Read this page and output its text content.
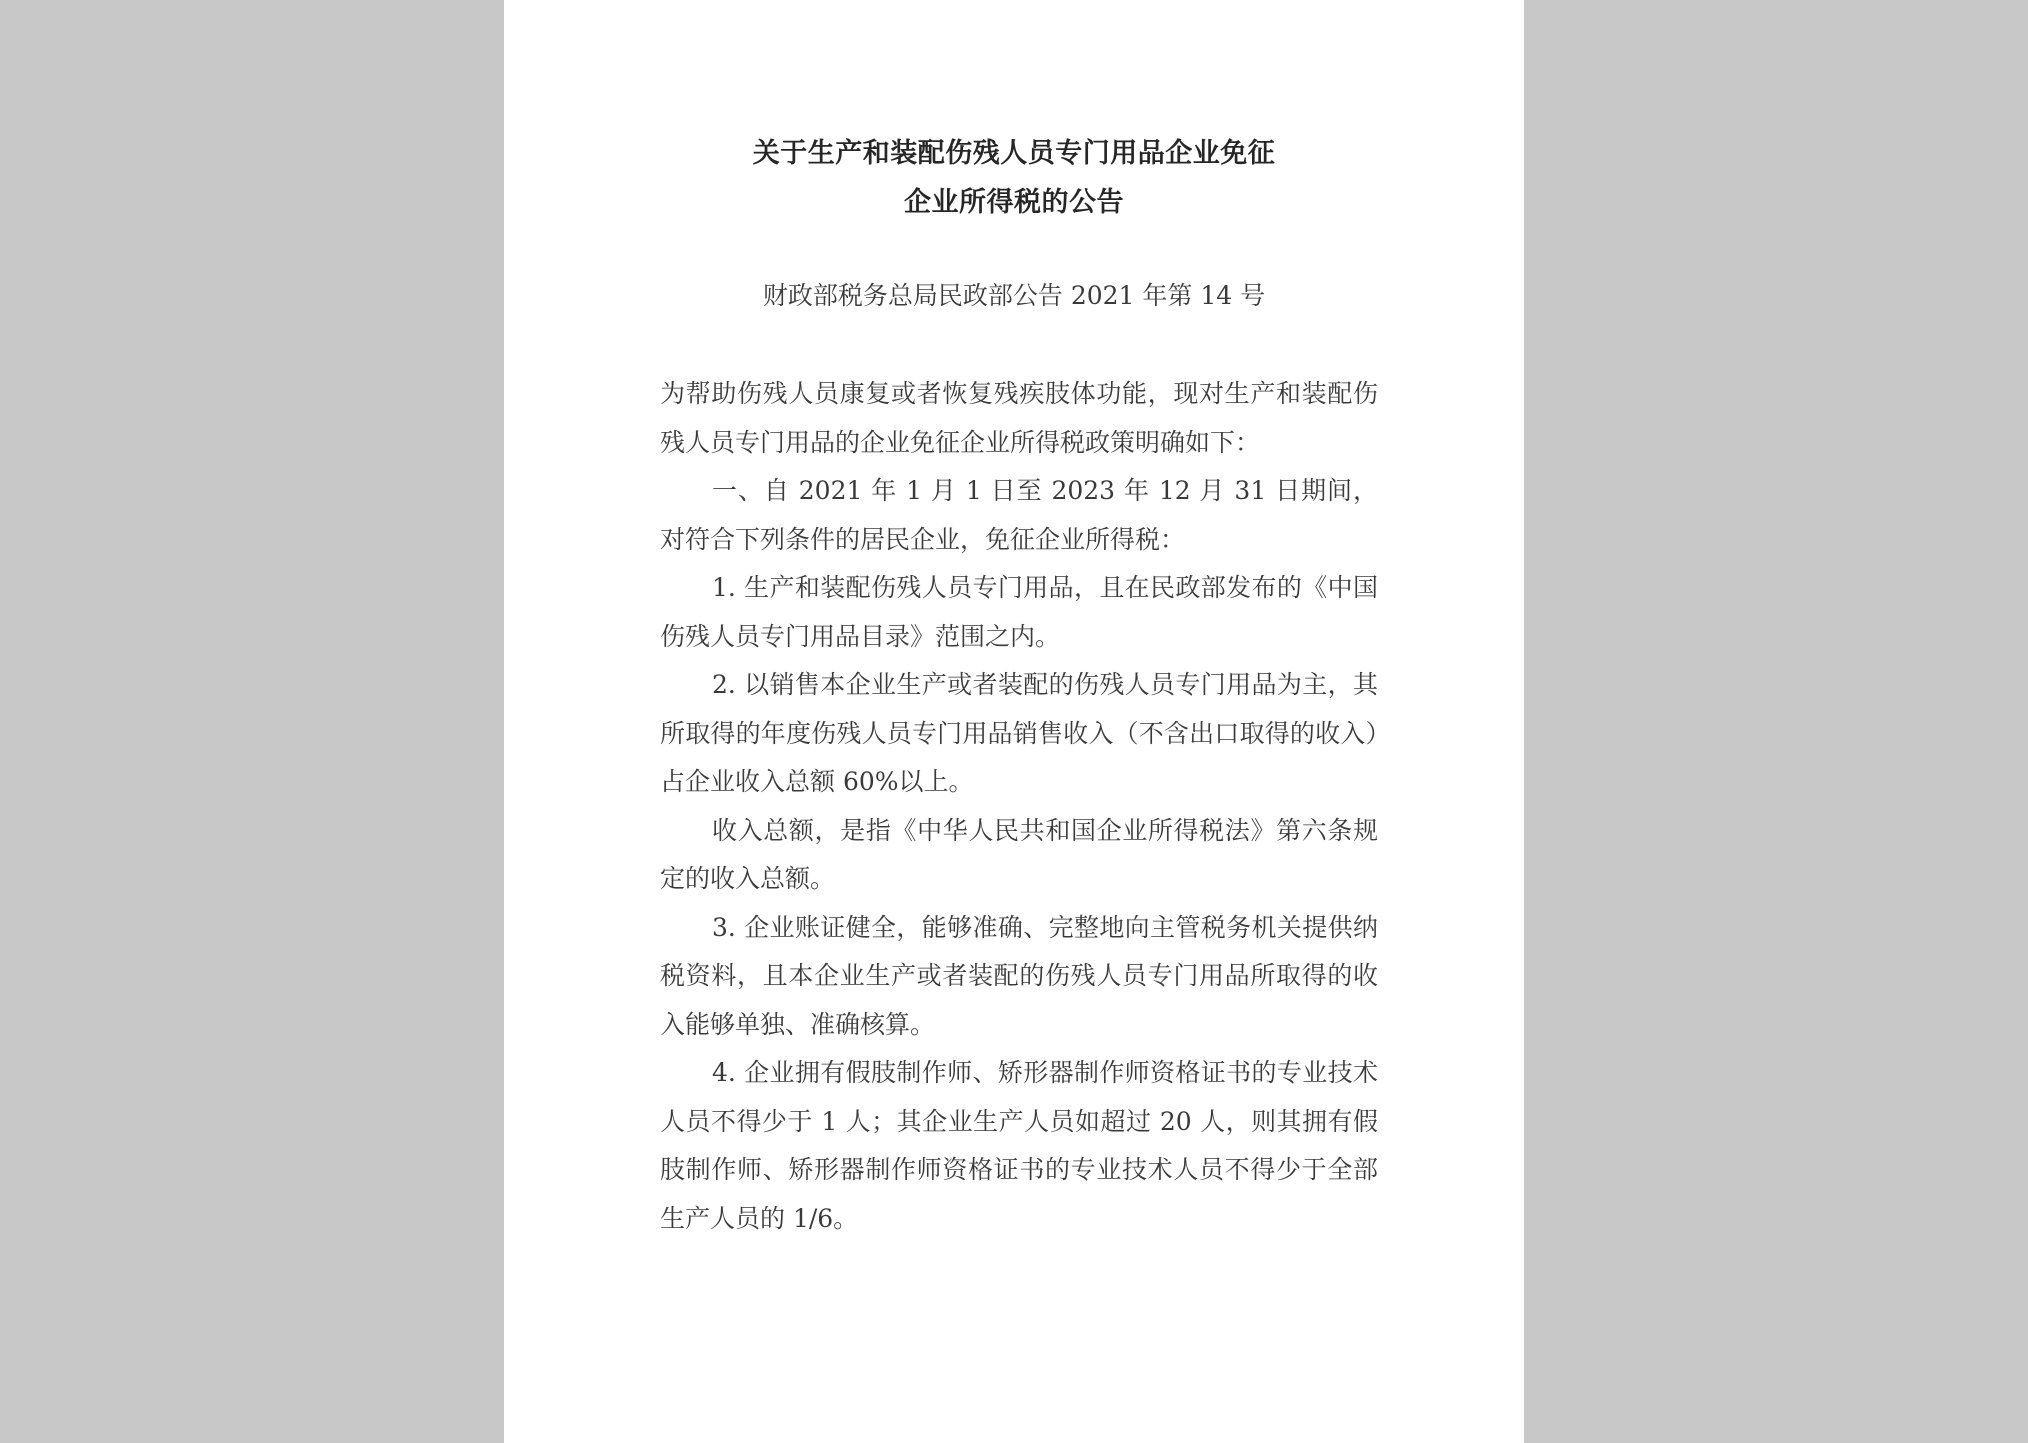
关于生产和装配伤残人员专门用品企业免征
企业所得税的公告
财政部税务总局民政部公告 2021 年第 14 号

为帮助伤残人员康复或者恢复残疾肢体功能，现对生产和装配伤残人员专门用品的企业免征企业所得税政策明确如下：

一、自 2021 年 1 月 1 日至 2023 年 12 月 31 日期间，对符合下列条件的居民企业，免征企业所得税：

1. 生产和装配伤残人员专门用品，且在民政部发布的《中国伤残人员专门用品目录》范围之内。

2. 以销售本企业生产或者装配的伤残人员专门用品为主，其所取得的年度伤残人员专门用品销售收入（不含出口取得的收入）占企业收入总额 60%以上。

收入总额，是指《中华人民共和国企业所得税法》第六条规定的收入总额。

3. 企业账证健全，能够准确、完整地向主管税务机关提供纳税资料，且本企业生产或者装配的伤残人员专门用品所取得的收入能够单独、准确核算。

4. 企业拥有假肢制作师、矫形器制作师资格证书的专业技术人员不得少于 1 人；其企业生产人员如超过 20 人，则其拥有假肢制作师、矫形器制作师资格证书的专业技术人员不得少于全部生产人员的 1/6。
